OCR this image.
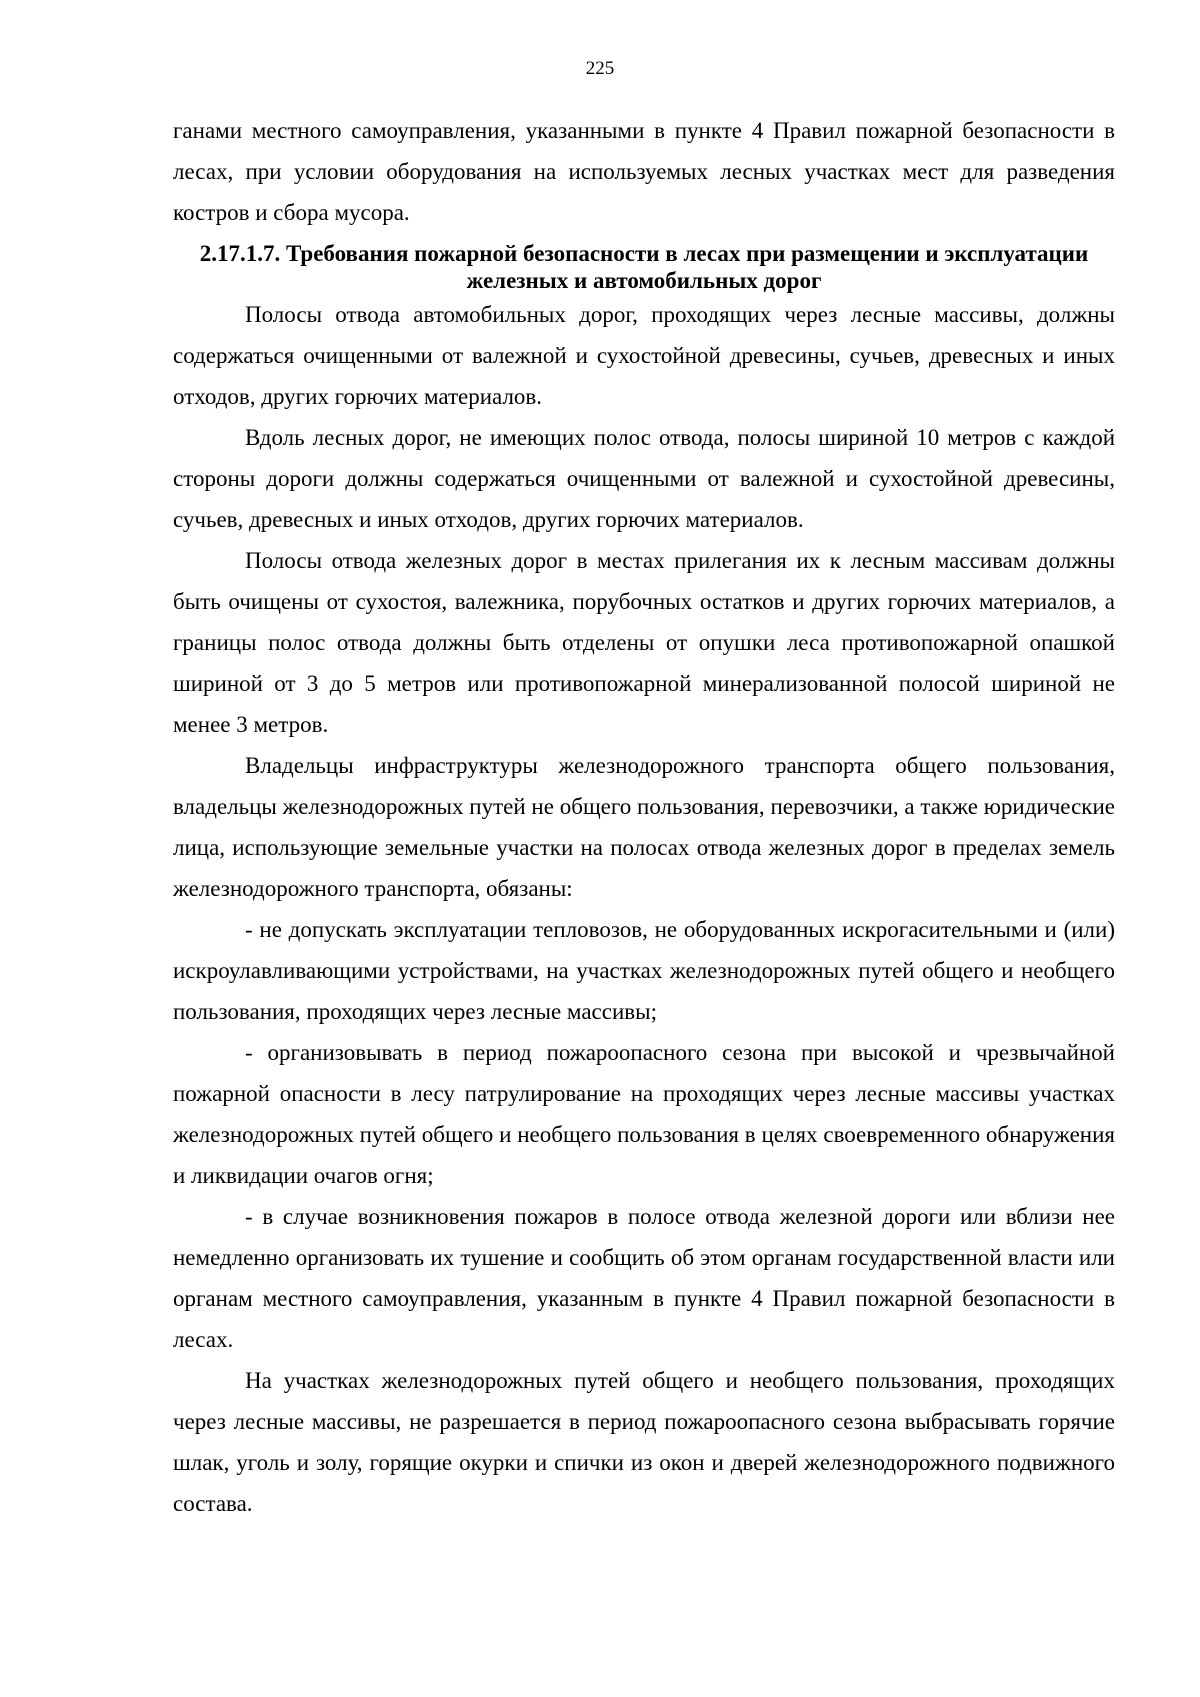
225

ганами местного самоуправления, указанными в пункте 4 Правил пожарной безопасности в лесах, при условии оборудования на используемых лесных участках мест для разведения костров и сбора мусора.

2.17.1.7. Требования пожарной безопасности в лесах при размещении и эксплуатации железных и автомобильных дорог

Полосы отвода автомобильных дорог, проходящих через лесные массивы, должны содержаться очищенными от валежной и сухостойной древесины, сучьев, древесных и иных отходов, других горючих материалов.

Вдоль лесных дорог, не имеющих полос отвода, полосы шириной 10 метров с каждой стороны дороги должны содержаться очищенными от валежной и сухостойной древесины, сучьев, древесных и иных отходов, других горючих материалов.

Полосы отвода железных дорог в местах прилегания их к лесным массивам должны быть очищены от сухостоя, валежника, порубочных остатков и других горючих материалов, а границы полос отвода должны быть отделены от опушки леса противопожарной опашкой шириной от 3 до 5 метров или противопожарной минерализованной полосой шириной не менее 3 метров.

Владельцы инфраструктуры железнодорожного транспорта общего пользования, владельцы железнодорожных путей не общего пользования, перевозчики, а также юридические лица, использующие земельные участки на полосах отвода железных дорог в пределах земель железнодорожного транспорта, обязаны:

- не допускать эксплуатации тепловозов, не оборудованных искрогасительными и (или) искроулавливающими устройствами, на участках железнодорожных путей общего и необщего пользования, проходящих через лесные массивы;

- организовывать в период пожароопасного сезона при высокой и чрезвычайной пожарной опасности в лесу патрулирование на проходящих через лесные массивы участках железнодорожных путей общего и необщего пользования в целях своевременного обнаружения и ликвидации очагов огня;

- в случае возникновения пожаров в полосе отвода железной дороги или вблизи нее немедленно организовать их тушение и сообщить об этом органам государственной власти или органам местного самоуправления, указанным в пункте 4 Правил пожарной безопасности в лесах.

На участках железнодорожных путей общего и необщего пользования, проходящих через лесные массивы, не разрешается в период пожароопасного сезона выбрасывать горячие шлак, уголь и золу, горящие окурки и спички из окон и дверей железнодорожного подвижного состава.
